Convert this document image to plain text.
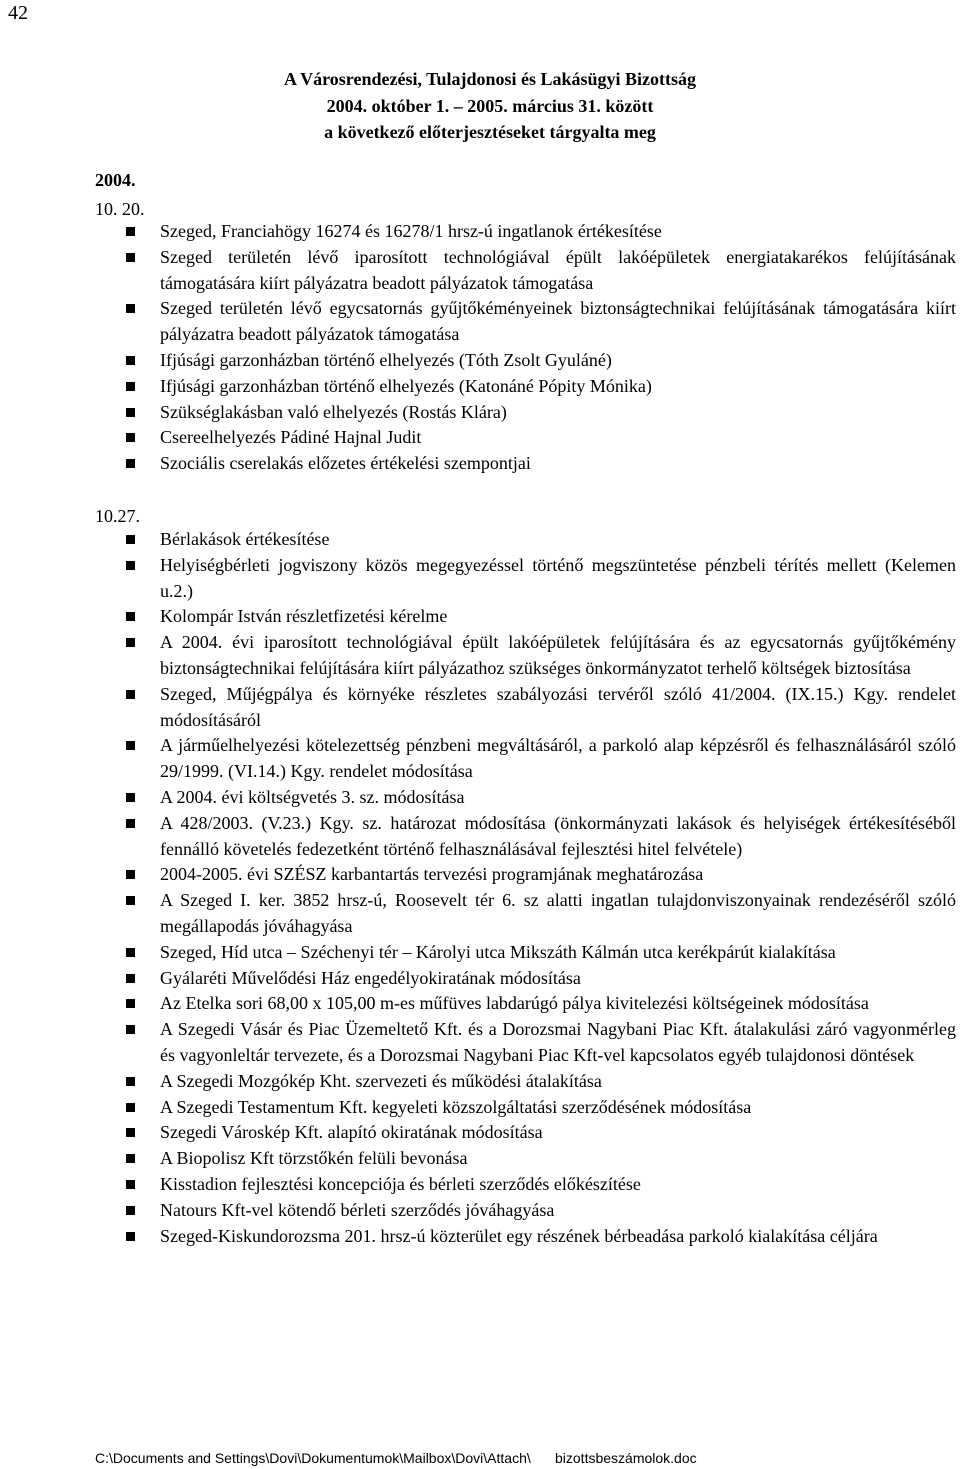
42
A Városrendezési, Tulajdonosi és Lakásügyi Bizottság
2004. október 1. – 2005. március 31. között
a következő előterjesztéseket tárgyalta meg
2004.
10. 20.
Szeged, Franciahögy 16274 és 16278/1 hrsz-ú ingatlanok értékesítése
Szeged területén lévő iparosított technológiával épült lakóépületek energiatakarékos felújításának támogatására kiírt pályázatra beadott pályázatok támogatása
Szeged területén lévő egycsatornás gyűjtőkéményeinek biztonságtechnikai felújításának támogatására kiírt pályázatra beadott pályázatok támogatása
Ifjúsági garzonházban történő elhelyezés (Tóth Zsolt Gyuláné)
Ifjúsági garzonházban történő elhelyezés (Katonáné Pópity Mónika)
Szükséglakásban való elhelyezés (Rostás Klára)
Csereelhelyezés Pádiné Hajnal Judit
Szociális cserelakás előzetes értékelési szempontjai
10.27.
Bérlakások értékesítése
Helyiségbérleti jogviszony közös megegyezéssel történő megszüntetése pénzbeli térítés mellett (Kelemen u.2.)
Kolompár István részletfizetési kérelme
A 2004. évi iparosított technológiával épült lakóépületek felújítására és az egycsatornás gyűjtőkémény biztonságtechnikai felújítására kiírt pályázathoz szükséges önkormányzatot terhelő költségek biztosítása
Szeged, Műjégpálya és környéke részletes szabályozási tervéről szóló 41/2004. (IX.15.) Kgy. rendelet módosításáról
A járműelhelyezési kötelezettség pénzbeni megváltásáról, a parkoló alap képzésről és felhasználásáról szóló 29/1999. (VI.14.) Kgy. rendelet módosítása
A 2004. évi költségvetés 3. sz. módosítása
A 428/2003. (V.23.) Kgy. sz. határozat módosítása (önkormányzati lakások és helyiségek értékesítéséből fennálló követelés fedezetként történő felhasználásával fejlesztési hitel felvétele)
2004-2005. évi SZÉSZ karbantartás tervezési programjának meghatározása
A Szeged I. ker. 3852 hrsz-ú, Roosevelt tér 6. sz alatti ingatlan tulajdonviszonyainak rendezéséről szóló megállapodás jóváhagyása
Szeged, Híd utca – Széchenyi tér – Károlyi utca Mikszáth Kálmán utca kerékpárút kialakítása
Gyálaréti Művelődési Ház engedélyokiratának módosítása
Az Etelka sori 68,00 x 105,00 m-es műfüves labdarúgó pálya kivitelezési költségeinek módosítása
A Szegedi Vásár és Piac Üzemeltető Kft. és a Dorozsmai Nagybani Piac Kft. átalakulási záró vagyonmérleg és vagyonleltár tervezete, és a Dorozsmai Nagybani Piac Kft-vel kapcsolatos egyéb tulajdonosi döntések
A Szegedi Mozgókép Kht. szervezeti és működési átalakítása
A Szegedi Testamentum Kft. kegyeleti közszolgáltatási szerződésének módosítása
Szegedi Városkép Kft. alapító okiratának módosítása
A Biopolisz Kft törzstőkén felüli bevonása
Kisstadion fejlesztési koncepciója és bérleti szerződés előkészítése
Natours Kft-vel kötendő bérleti szerződés jóváhagyása
Szeged-Kiskundorozsma 201. hrsz-ú közterület egy részének bérbeadása parkoló kialakítása céljára
C:\Documents and Settings\Dovi\Dokumentumok\Mailbox\Dovi\Attach\ bizottsbeszámolok.doc
